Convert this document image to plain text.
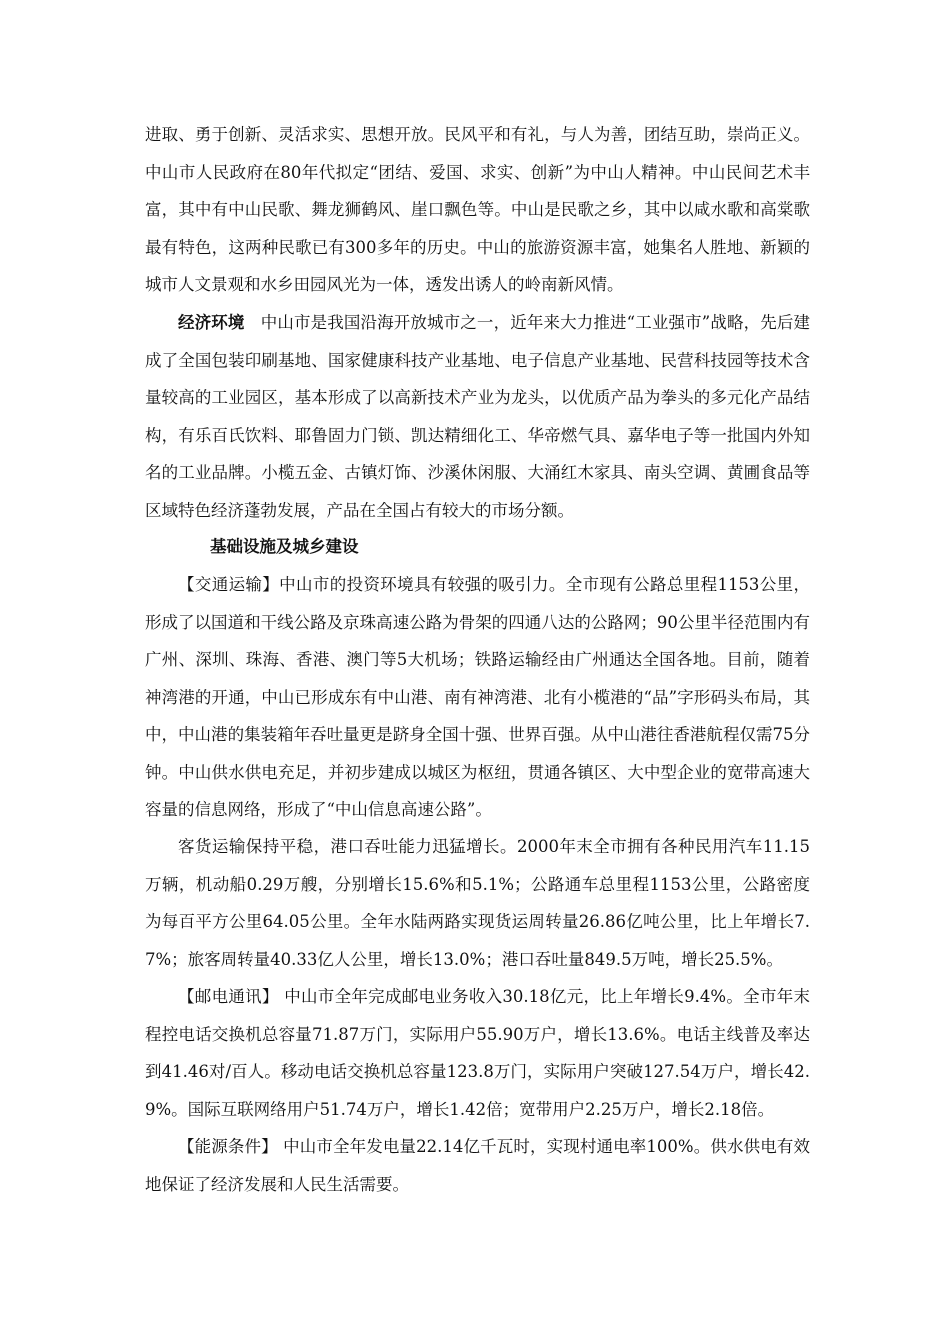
进取、勇于创新、灵活求实、思想开放。民风平和有礼，与人为善，团结互助，崇尚正义。中山市人民政府在80年代拟定“团结、爱国、求实、创新”为中山人精神。中山民间艺术丰富，其中有中山民歌、舞龙狮鹤风、崖口飘色等。中山是民歌之乡，其中以咸水歌和高棠歌最有特色，这两种民歌已有300多年的历史。中山的旅游资源丰富，她集名人胜地、新颖的城市人文景观和水乡田园风光为一体，透发出诱人的岭南新风情。

经济环境 中山市是我国沿海开放城市之一，近年来大力推进“工业强市”战略，先后建成了全国包装印刷基地、国家健康科技产业基地、电子信息产业基地、民营科技园等技术含量较高的工业园区，基本形成了以高新技术产业为龙头，以优质产品为拳头的多元化产品结构，有乐百氏饮料、耶鲁固力门锁、凯达精细化工、华帝燃气具、嘉华电子等一批国内外知名的工业品牌。小榄五金、古镇灯饰、沙溪休闲服、大涌红木家具、南头空调、黄圃食品等区域特色经济蓬勃发展，产品在全国占有较大的市场分额。

基础设施及城乡建设

【交通运输】中山市的投资环境具有较强的吸引力。全市现有公路总里程1153公里，形成了以国道和干线公路及京珠高速公路为骨架的四通八达的公路网；90公里半径范围内有广州、深圳、珠海、香港、澳门等5大机场；铁路运输经由广州通达全国各地。目前，随着神湾港的开通，中山已形成东有中山港、南有神湾港、北有小榄港的“品”字形码头布局，其中，中山港的集装箱年吞吐量更是跻身全国十强、世界百强。从中山港往香港航程仅需75分钟。中山供水供电充足，并初步建成以城区为枢纽，贯通各镇区、大中型企业的宽带高速大容量的信息网络，形成了“中山信息高速公路”。

客货运输保持平稳，港口吞吐能力迅猛增长。2000年末全市拥有各种民用汽车11.15万辆，机动船0.29万艘，分别增长15.6%和5.1%；公路通车总里程1153公里，公路密度为每百平方公里64.05公里。全年水陆两路实现货运周转量26.86亿吨公里，比上年增长7.7%；旅客周转量40.33亿人公里，增长13.0%；港口吞吐量849.5万吨，增长25.5%。

【邮电通讯】 中山市全年完成邮电业务收入30.18亿元，比上年增长9.4%。全市年末程控电话交换机总容量71.87万门，实际用户55.90万户，增长13.6%。电话主线普及率达到41.46对/百人。移动电话交换机总容量123.8万门，实际用户突破127.54万户，增长42.9%。国际互联网络用户51.74万户，增长1.42倍；宽带用户2.25万户，增长2.18倍。

【能源条件】 中山市全年发电量22.14亿千瓦时，实现村通电率100%。供水供电有效地保证了经济发展和人民生活需要。
